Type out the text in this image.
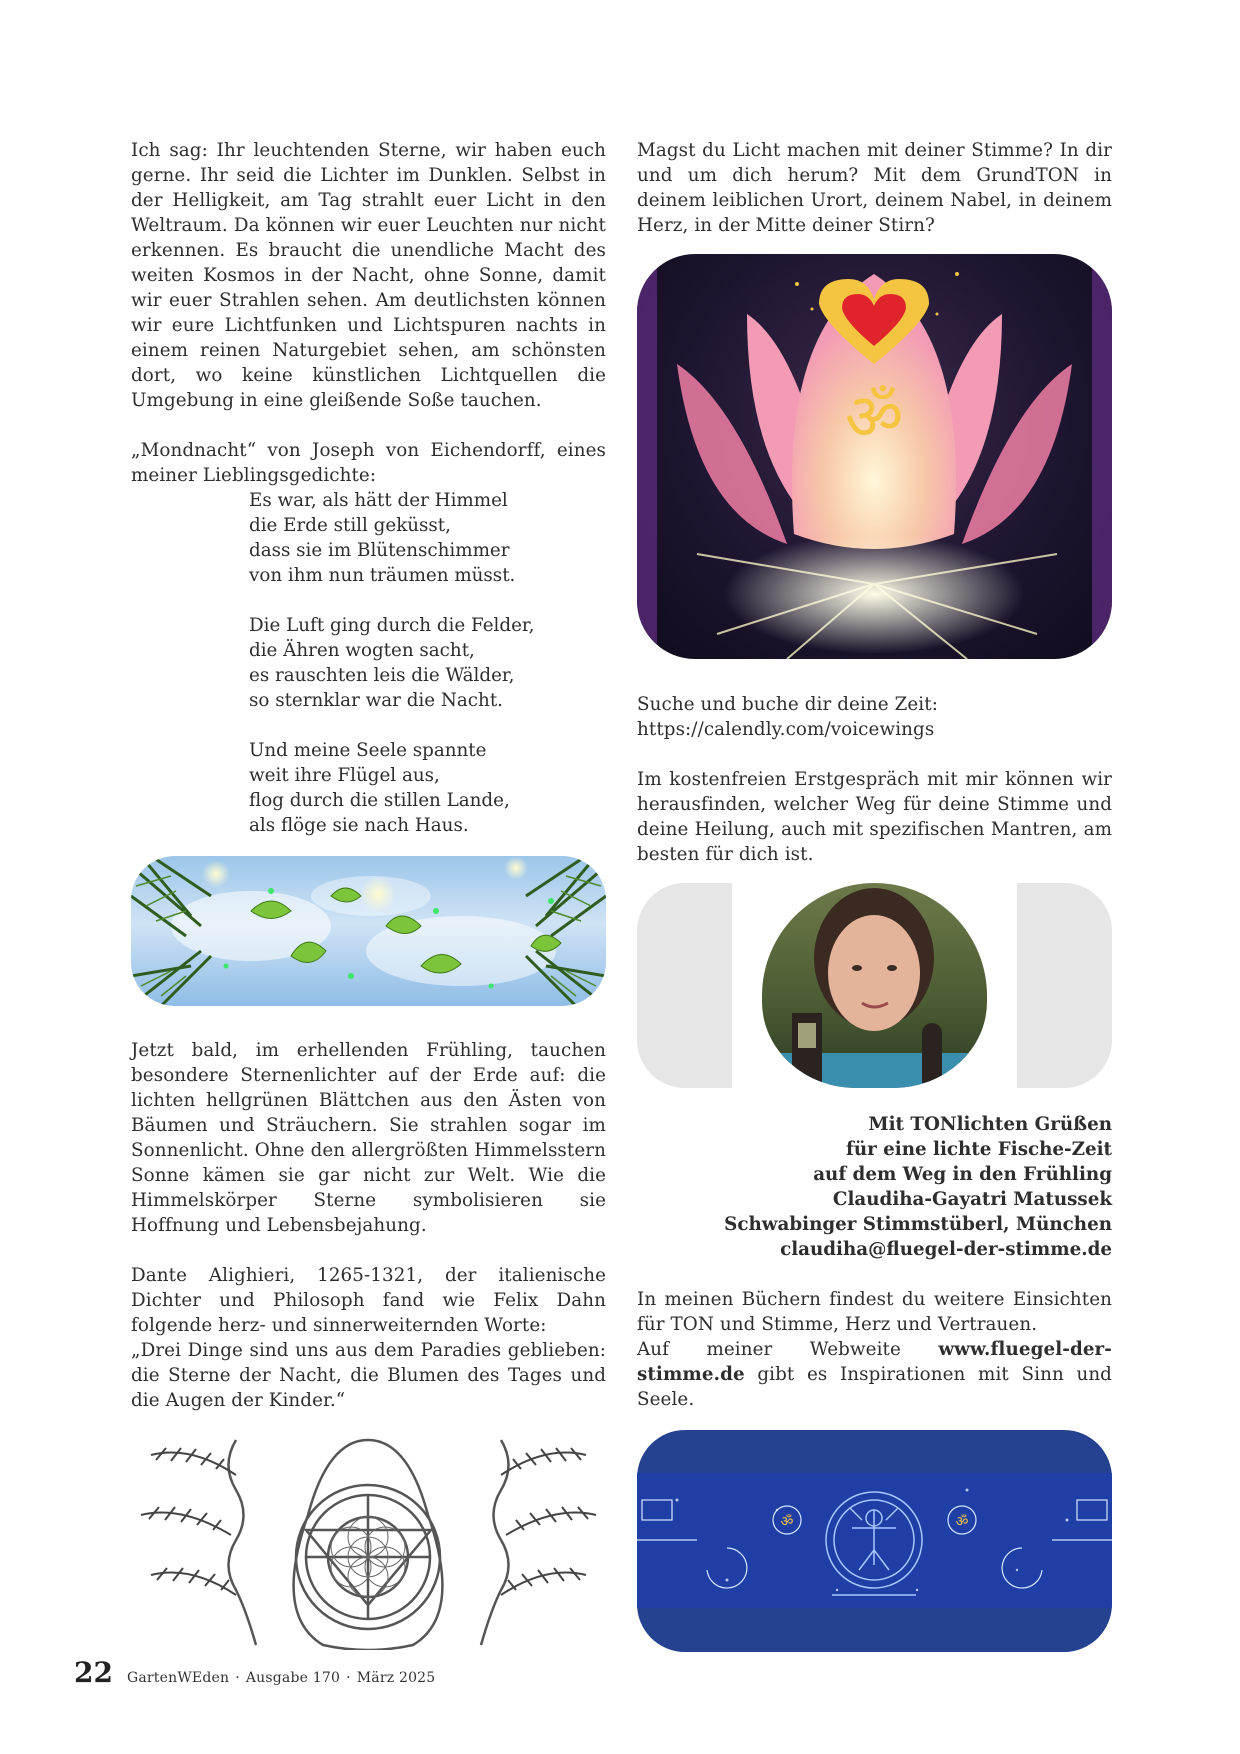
Ich sag: Ihr leuchtenden Sterne, wir haben euch gerne. Ihr seid die Lichter im Dunklen. Selbst in der Helligkeit, am Tag strahlt euer Licht in den Weltraum. Da können wir euer Leuchten nur nicht erkennen. Es braucht die unendliche Macht des weiten Kosmos in der Nacht, ohne Sonne, damit wir euer Strahlen sehen. Am deutlichsten können wir eure Lichtfunken und Lichtspuren nachts in einem reinen Naturgebiet sehen, am schönsten dort, wo keine künstlichen Lichtquellen die Umgebung in eine gleißende Soße tauchen.

„Mondnacht“ von Joseph von Eichendorff, eines meiner Lieblingsgedichte:

Es war, als hätt der Himmel
die Erde still geküsst,
dass sie im Blütenschimmer
von ihm nun träumen müsst.
Die Luft ging durch die Felder,
die Ähren wogten sacht,
es rauschten leis die Wälder,
so sternklar war die Nacht.
Und meine Seele spannte
weit ihre Flügel aus,
flog durch die stillen Lande,
als flöge sie nach Haus.

Jetzt bald, im erhellenden Frühling, tauchen besondere Sternenlichter auf der Erde auf: die lichten hellgrünen Blättchen aus den Ästen von Bäumen und Sträuchern. Sie strahlen sogar im Sonnenlicht. Ohne den allergrößten Himmelsstern Sonne kämen sie gar nicht zur Welt. Wie die Himmelskörper Sterne symbolisieren sie Hoffnung und Lebensbejahung.

Dante Alighieri, 1265-1321, der italienische Dichter und Philosoph fand wie Felix Dahn folgende herz- und sinnerweiternden Worte:

„Drei Dinge sind uns aus dem Paradies geblieben: die Sterne der Nacht, die Blumen des Tages und die Augen der Kinder.“

Magst du Licht machen mit deiner Stimme? In dir und um dich herum? Mit dem GrundTON in deinem leiblichen Urort, deinem Nabel, in deinem Herz, in der Mitte deiner Stirn?

ॐ

Suche und buche dir deine Zeit:

https://calendly.com/voicewings

Im kostenfreien Erstgespräch mit mir können wir herausfinden, welcher Weg für deine Stimme und deine Heilung, auch mit spezifischen Mantren, am besten für dich ist.

Mit TONlichten Grüßen
für eine lichte Fische-Zeit
auf dem Weg in den Frühling
Claudiha-Gayatri Matussek
Schwabinger Stimmstüberl, München
claudiha@fluegel-der-stimme.de

In meinen Büchern findest du weitere Einsichten für TON und Stimme, Herz und Vertrauen.

Auf meiner Webweite www.fluegel-der-stimme.de gibt es Inspirationen mit Sinn und Seele.

ॐ	ॐ
22 GartenWEden · Ausgabe 170 · März 2025
